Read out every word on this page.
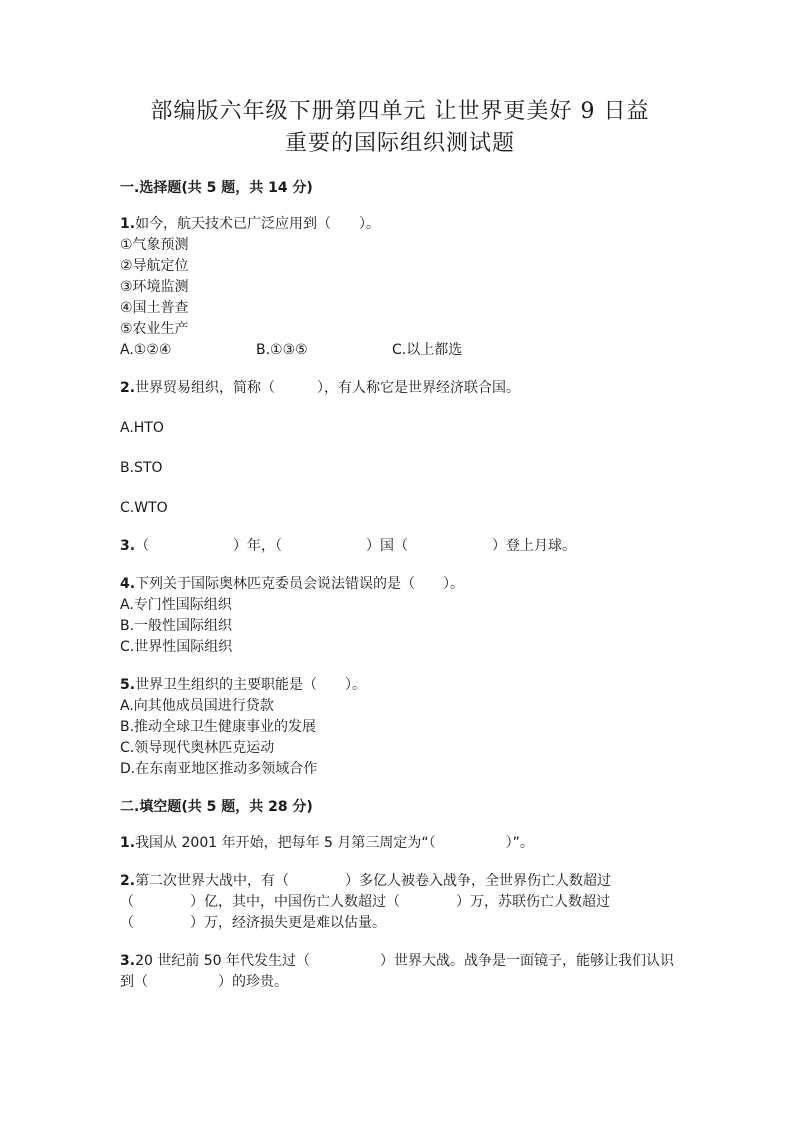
部编版六年级下册第四单元 让世界更美好 9 日益
重要的国际组织测试题
一.选择题(共 5 题，共 14 分)
1.如今，航天技术已广泛应用到（　　）。
①气象预测
②导航定位
③环境监测
④国土普查
⑤农业生产
A.①②④	B.①③⑤	C.以上都选
2.世界贸易组织，简称（　　　），有人称它是世界经济联合国。
A.HTO
B.STO
C.WTO
3.（　　　　　　）年，（　　　　　　）国（　　　　　　）登上月球。
4.下列关于国际奥林匹克委员会说法错误的是（　　）。
A.专门性国际组织
B.一般性国际组织
C.世界性国际组织
5.世界卫生组织的主要职能是（　　）。
A.向其他成员国进行贷款
B.推动全球卫生健康事业的发展
C.领导现代奥林匹克运动
D.在东南亚地区推动多领域合作
二.填空题(共 5 题，共 28 分)
1.我国从 2001 年开始，把每年 5 月第三周定为“（　　　　　）”。
2.第二次世界大战中，有（　　　　）多亿人被卷入战争，全世界伤亡人数超过（　　　　）亿，其中，中国伤亡人数超过（　　　　）万，苏联伤亡人数超过（　　　　）万，经济损失更是难以估量。
3.20 世纪前 50 年代发生过（　　　　　）世界大战。战争是一面镜子，能够让我们认识到（　　　　　）的珍贵。
